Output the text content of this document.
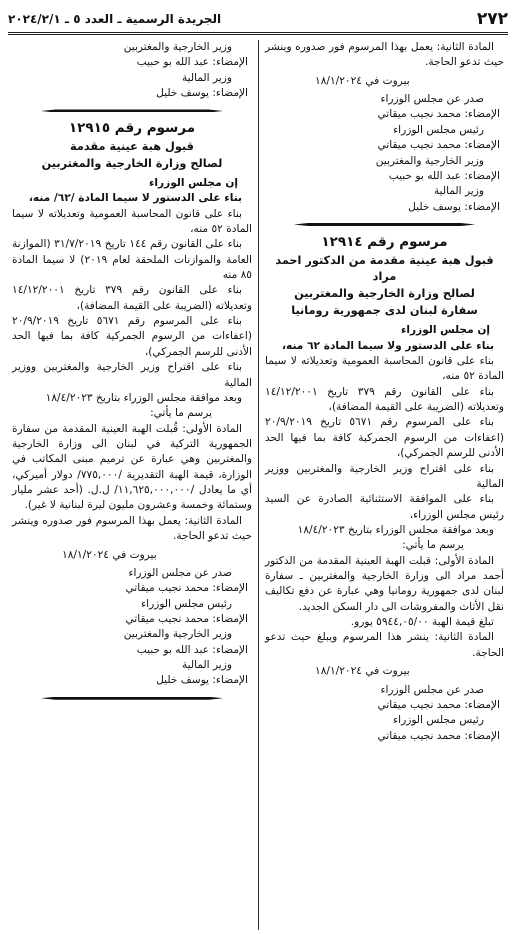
٢٧٢
الجريدة الرسمية ـ العدد ٥ ـ ٢٠٢٤/٢/١

المادة الثانية: يعمل بهذا المرسوم فور صدوره وينشر حيث تدعو الحاجة.

بيروت في ١٨/١/٢٠٢٤

صدر عن مجلس الوزراء

الإمضاء: محمد نجيب ميقاتي

رئيس مجلس الوزراء

الإمضاء: محمد نجيب ميقاتي

وزير الخارجية والمغتربين

الإمضاء: عبد الله بو حبيب

وزير المالية

الإمضاء: يوسف خليل

مرسوم رقم ١٢٩١٤

قبول هبة عينية مقدمة من الدكتور احمد مراد

لصالح وزارة الخارجية والمغتربين

سفارة لبنان لدى جمهورية رومانيا

إن مجلس الوزراء

بناء على الدستور ولا سيما المادة ٦٢ منه،

بناء على قانون المحاسبة العمومية وتعديلاته لا سيما المادة ٥٢ منه،

بناء على القانون رقم ٣٧٩ تاريخ ١٤/١٢/٢٠٠١ وتعديلاته (الضريبة على القيمة المضافة)،

بناء على المرسوم رقم ٥٦٧١ تاريخ ٢٠/٩/٢٠١٩ (اعفاءات من الرسوم الجمركية كافة بما فيها الحد الأدنى للرسم الجمركي)،

بناء على اقتراح وزير الخارجية والمغتربين ووزير المالية

بناء على الموافقة الاستثنائية الصادرة عن السيد رئيس مجلس الوزراء،

وبعد موافقة مجلس الوزراء بتاريخ ١٨/٤/٢٠٢٣

يرسم ما يأتي:

المادة الأولى: قبلت الهبة العينية المقدمة من الدكتور أحمد مراد الى وزارة الخارجية والمغتربين ـ سفارة لبنان لدى جمهورية رومانيا وهي عبارة عن دفع تكاليف نقل الأثاث والمفروشات الى دار السكن الجديد.

تبلغ قيمة الهبة ٥٩٤٤,٠٥/٠٠ يورو.

المادة الثانية: ينشر هذا المرسوم ويبلغ حيث تدعو الحاجة.

بيروت في ١٨/١/٢٠٢٤

صدر عن مجلس الوزراء

الإمضاء: محمد نجيب ميقاتي

رئيس مجلس الوزراء

الإمضاء: محمد نجيب ميقاتي

وزير الخارجية والمغتربين

الإمضاء: عبد الله بو حبيب

وزير المالية

الإمضاء: يوسف خليل

مرسوم رقم ١٢٩١٥

قبول هبة عينية مقدمة

لصالح وزارة الخارجية والمغتربين

إن مجلس الوزراء

بناء على الدستور لا سيما المادة /٦٢/ منه،

بناء على قانون المحاسبة العمومية وتعديلاته لا سيما المادة ٥٢ منه،

بناء على القانون رقم ١٤٤ تاريخ ٣١/٧/٢٠١٩ (الموازنة العامة والموازنات الملحقة لعام ٢٠١٩) لا سيما المادة ٨٥ منه

بناء على القانون رقم ٣٧٩ تاريخ ١٤/١٢/٢٠٠١ وتعديلاته (الضريبة على القيمة المضافة)،

بناء على المرسوم رقم ٥٦٧١ تاريخ ٢٠/٩/٢٠١٩ (اعفاءات من الرسوم الجمركية كافة بما فيها الحد الأدنى للرسم الجمركي)،

بناء على اقتراح وزير الخارجية والمغتربين ووزير المالية

وبعد موافقة مجلس الوزراء بتاريخ ١٨/٤/٢٠٢٣

يرسم ما يأتي:

المادة الأولى: قُبلت الهبة العينية المقدمة من سفارة الجمهورية التركية في لبنان الى وزارة الخارجية والمغتربين وهي عبارة عن ترميم مبنى المكاتب في الوزارة، قيمة الهبة التقديرية /٧٧٥,٠٠٠/ دولار أميركي، أي ما يعادل /١١,٦٢٥,٠٠٠,٠٠٠/ ل.ل. (أحد عشر مليار وستمائة وخمسة وعشرون مليون ليرة لبنانية لا غير).

المادة الثانية: يعمل بهذا المرسوم فور صدوره وينشر حيث تدعو الحاجة.

بيروت في ١٨/١/٢٠٢٤

صدر عن مجلس الوزراء

الإمضاء: محمد نجيب ميقاتي

رئيس مجلس الوزراء

الإمضاء: محمد نجيب ميقاتي

وزير الخارجية والمغتربين

الإمضاء: عبد الله بو حبيب

وزير المالية

الإمضاء: يوسف خليل
